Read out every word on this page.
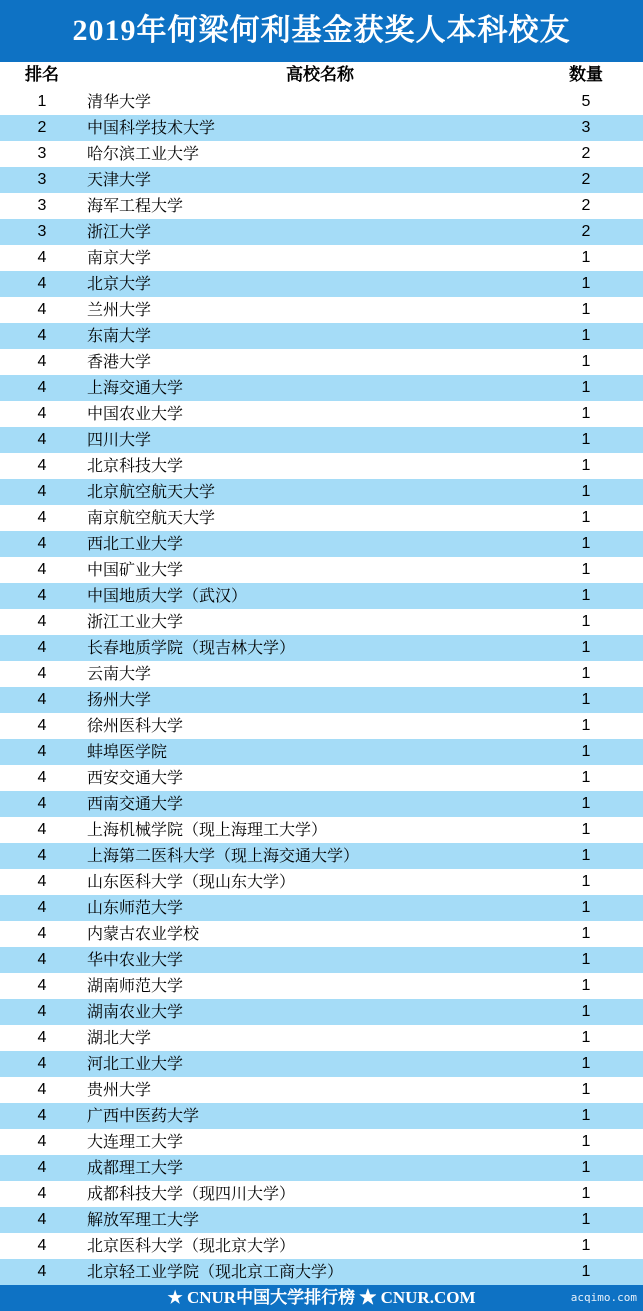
2019年何梁何利基金获奖人本科校友
排名	高校名称	数量
1	清华大学	5
2	中国科学技术大学	3
3	哈尔滨工业大学	2
3	天津大学	2
3	海军工程大学	2
3	浙江大学	2
4	南京大学	1
4	北京大学	1
4	兰州大学	1
4	东南大学	1
4	香港大学	1
4	上海交通大学	1
4	中国农业大学	1
4	四川大学	1
4	北京科技大学	1
4	北京航空航天大学	1
4	南京航空航天大学	1
4	西北工业大学	1
4	中国矿业大学	1
4	中国地质大学（武汉）	1
4	浙江工业大学	1
4	长春地质学院（现吉林大学）	1
4	云南大学	1
4	扬州大学	1
4	徐州医科大学	1
4	蚌埠医学院	1
4	西安交通大学	1
4	西南交通大学	1
4	上海机械学院（现上海理工大学）	1
4	上海第二医科大学（现上海交通大学）	1
4	山东医科大学（现山东大学）	1
4	山东师范大学	1
4	内蒙古农业学校	1
4	华中农业大学	1
4	湖南师范大学	1
4	湖南农业大学	1
4	湖北大学	1
4	河北工业大学	1
4	贵州大学	1
4	广西中医药大学	1
4	大连理工大学	1
4	成都理工大学	1
4	成都科技大学（现四川大学）	1
4	解放军理工大学	1
4	北京医科大学（现北京大学）	1
4	北京轻工业学院（现北京工商大学）	1
★ CNUR中国大学排行榜 ★ CNUR.COM	acqimo.com
